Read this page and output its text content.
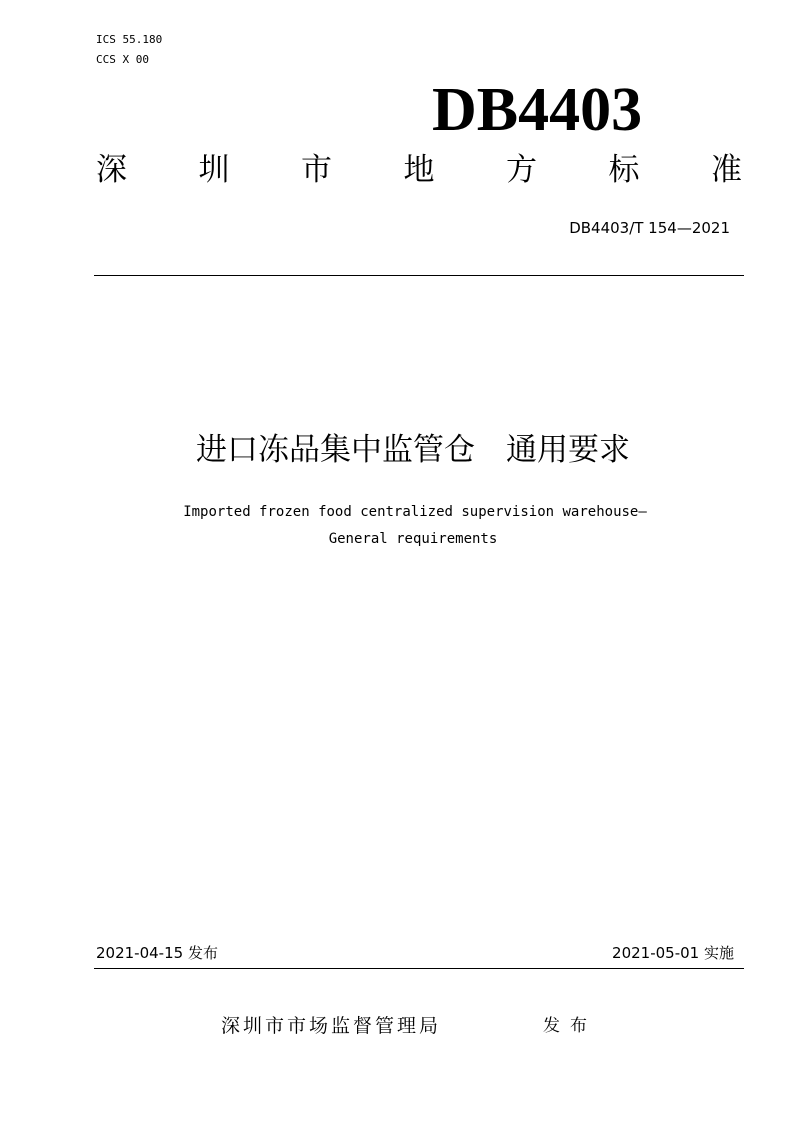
ICS 55.180
CCS X 00
DB4403
深 圳 市 地 方 标 准
DB4403/T 154—2021
进口冻品集中监管仓　通用要求
Imported frozen food centralized supervision warehouse—
General requirements
2021-04-15 发布	2021-05-01 实施
深圳市市场监督管理局	发布
